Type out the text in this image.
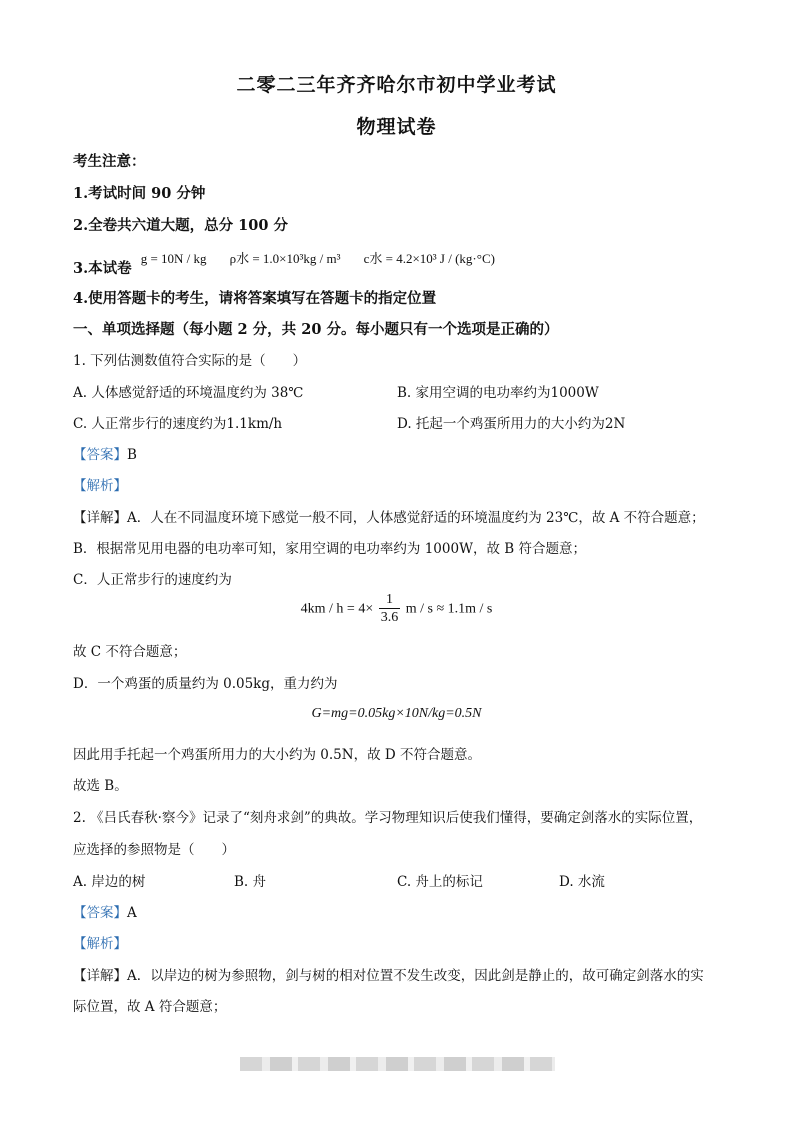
二零二三年齐齐哈尔市初中学业考试
物理试卷
考生注意：
1.考试时间 90 分钟
2.全卷共六道大题，总分 100 分
3.本试卷 g = 10N / kg ρ水 = 1.0×10³kg / m³ c水 = 4.2×10³ J / (kg·°C)
4.使用答题卡的考生，请将答案填写在答题卡的指定位置
一、单项选择题（每小题 2 分，共 20 分。每小题只有一个选项是正确的）
1. 下列估测数值符合实际的是（　　）
A. 人体感觉舒适的环境温度约为 38℃	B. 家用空调的电功率约为1000W
C. 人正常步行的速度约为1.1km/h	D. 托起一个鸡蛋所用力的大小约为2N
【答案】B
【解析】
【详解】A．人在不同温度环境下感觉一般不同，人体感觉舒适的环境温度约为 23℃，故 A 不符合题意；
B．根据常见用电器的电功率可知，家用空调的电功率约为 1000W，故 B 符合题意；
C．人正常步行的速度约为
$4km / h = 4\times \frac{1}{3.6}$ m / s ≈ 1.1m / s
故 C 不符合题意；
D．一个鸡蛋的质量约为 0.05kg，重力约为
G=mg=0.05kg×10N/kg=0.5N
因此用手托起一个鸡蛋所用力的大小约为 0.5N，故 D 不符合题意。
故选 B。
2. 《吕氏春秋·察今》记录了“刻舟求剑”的典故。学习物理知识后使我们懂得，要确定剑落水的实际位置，
应选择的参照物是（　　）
A. 岸边的树	B. 舟	C. 舟上的标记	D. 水流
【答案】A
【解析】
【详解】A．以岸边的树为参照物，剑与树的相对位置不发生改变，因此剑是静止的，故可确定剑落水的实
际位置，故 A 符合题意；
